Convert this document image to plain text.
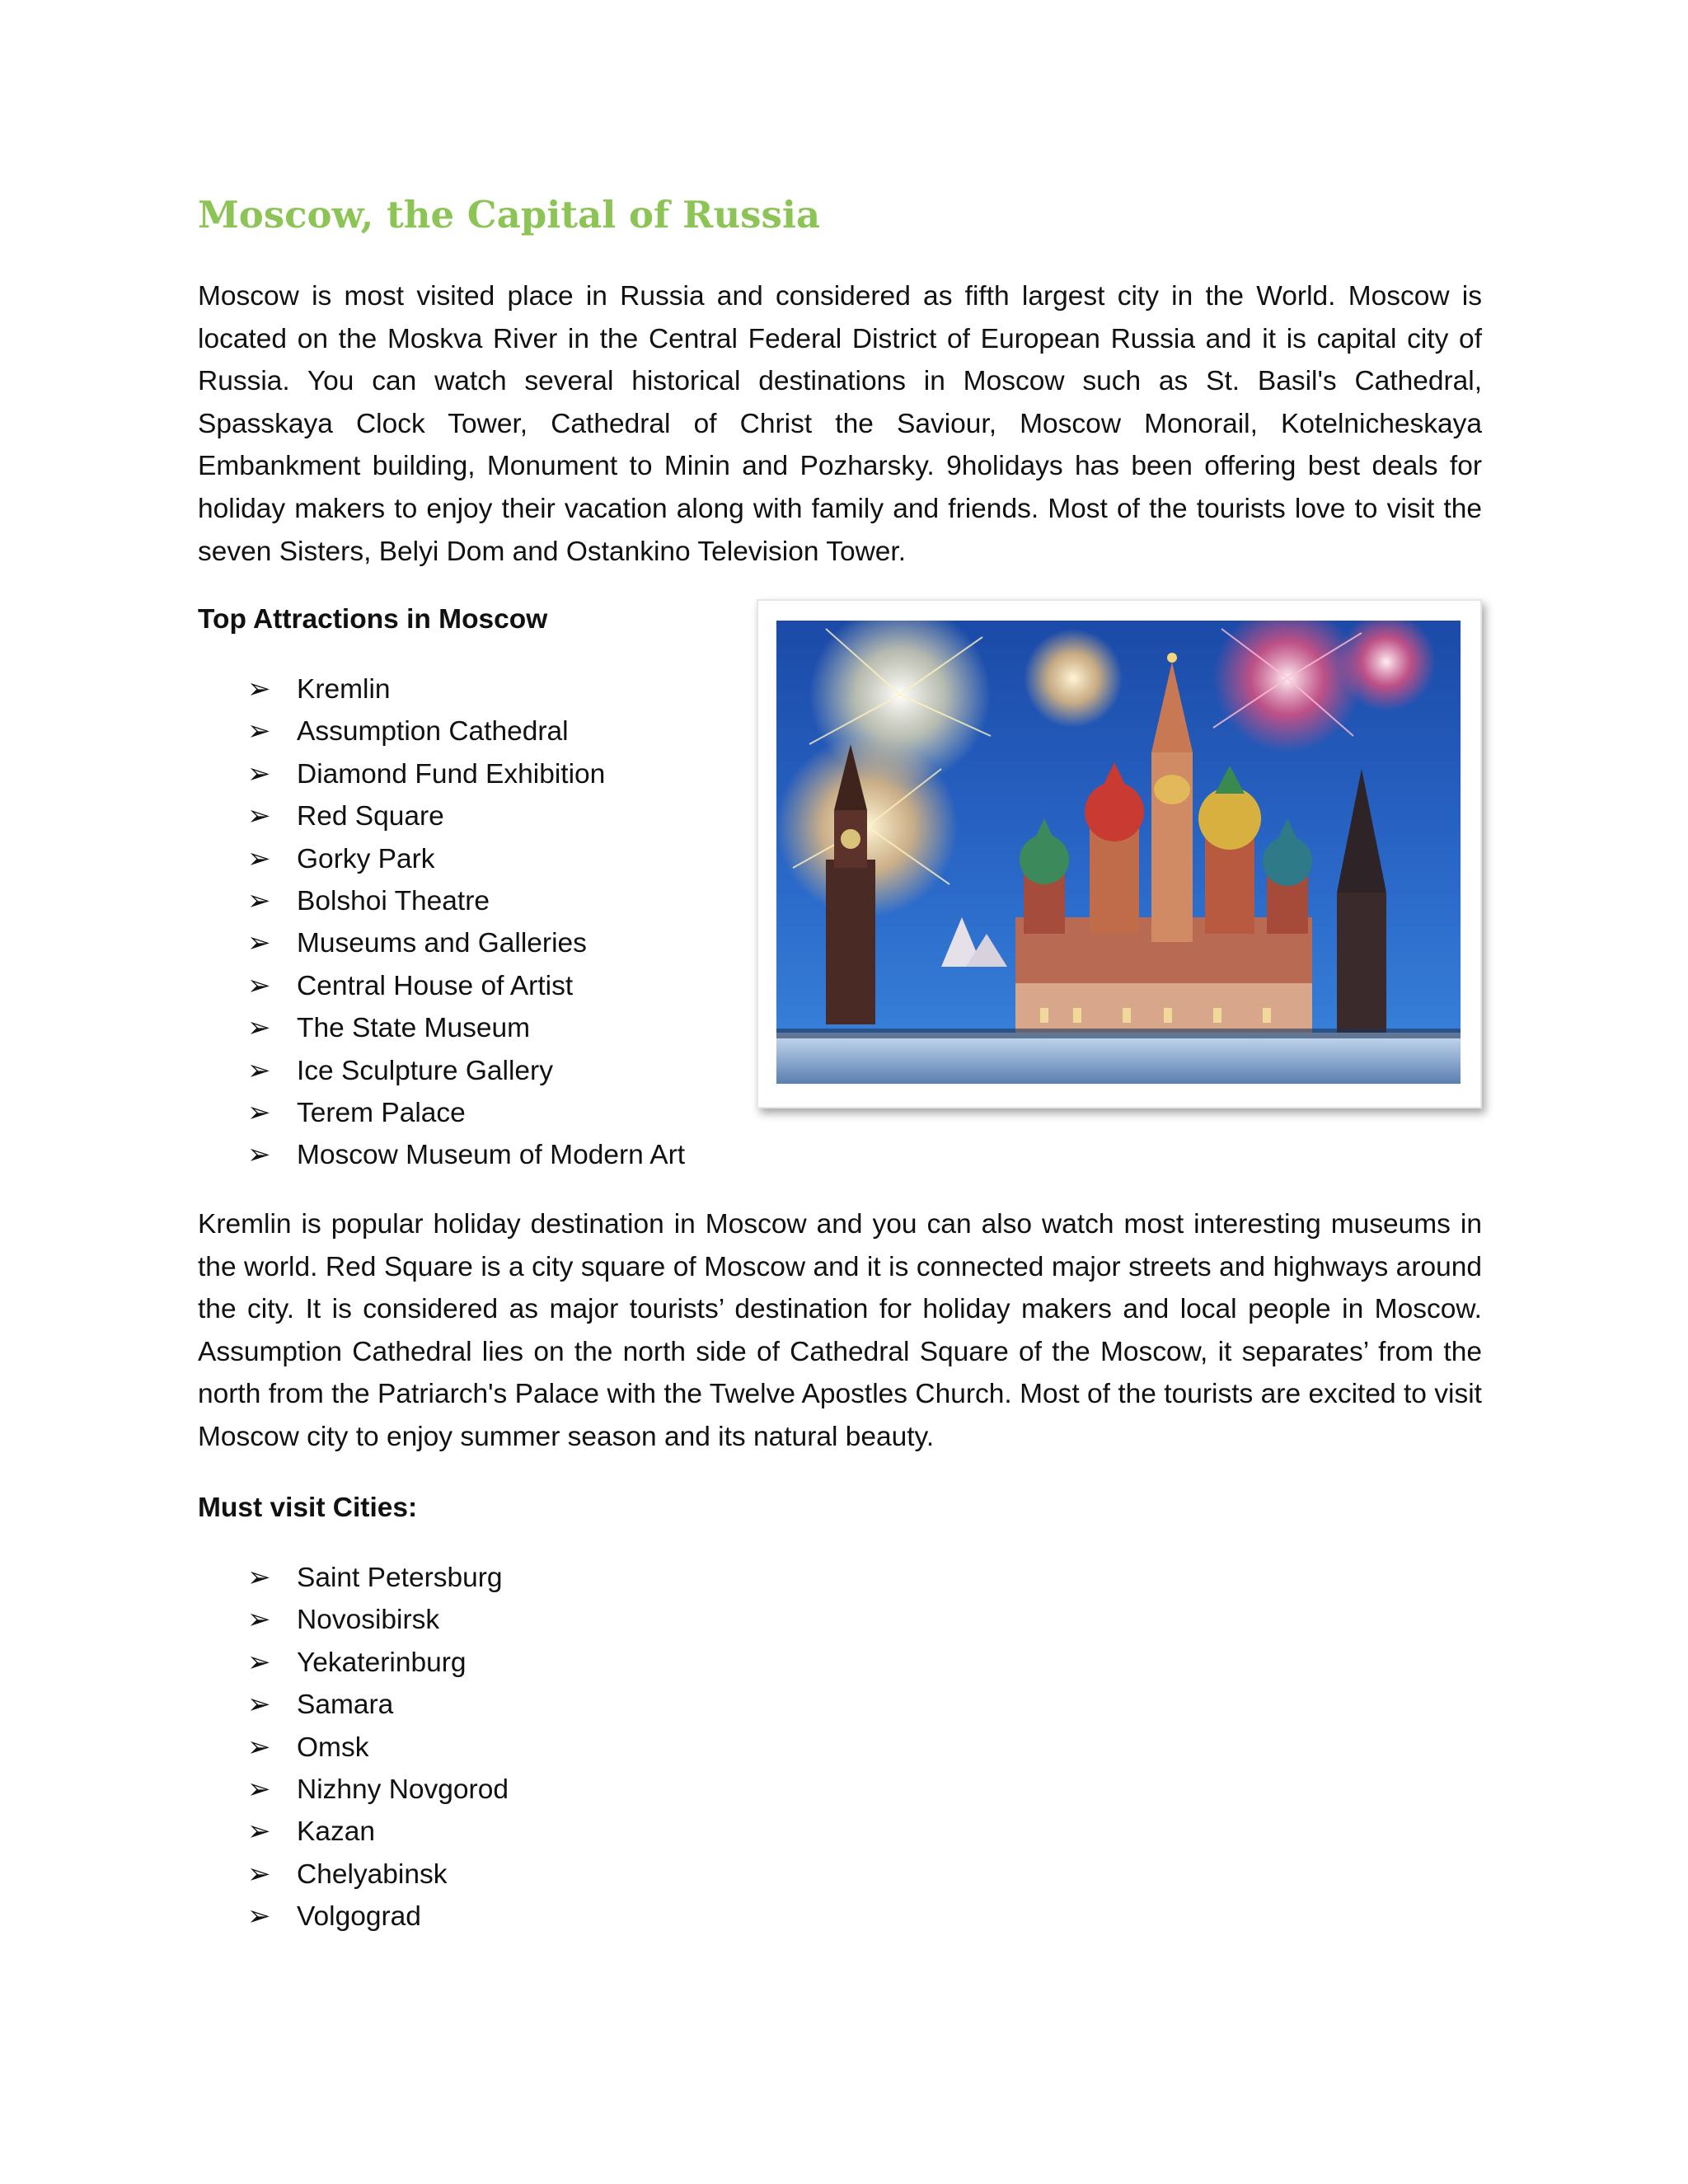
Moscow, the Capital of Russia

Moscow is most visited place in Russia and considered as fifth largest city in the World. Moscow is located on the Moskva River in the Central Federal District of European Russia and it is capital city of Russia. You can watch several historical destinations in Moscow such as St. Basil's Cathedral, Spasskaya Clock Tower, Cathedral of Christ the Saviour, Moscow Monorail, Kotelnicheskaya Embankment building, Monument to Minin and Pozharsky. 9holidays has been offering best deals for holiday makers to enjoy their vacation along with family and friends. Most of the tourists love to visit the seven Sisters, Belyi Dom and Ostankino Television Tower.

Top Attractions in Moscow

➢ Kremlin
➢ Assumption Cathedral
➢ Diamond Fund Exhibition
➢ Red Square
➢ Gorky Park
➢ Bolshoi Theatre
➢ Museums and Galleries
➢ Central House of Artist
➢ The State Museum
➢ Ice Sculpture Gallery
➢ Terem Palace
➢ Moscow Museum of Modern Art

Kremlin is popular holiday destination in Moscow and you can also watch most interesting museums in the world. Red Square is a city square of Moscow and it is connected major streets and highways around the city. It is considered as major tourists’ destination for holiday makers and local people in Moscow. Assumption Cathedral lies on the north side of Cathedral Square of the Moscow, it separates’ from the north from the Patriarch's Palace with the Twelve Apostles Church. Most of the tourists are excited to visit Moscow city to enjoy summer season and its natural beauty.

Must visit Cities:

➢ Saint Petersburg
➢ Novosibirsk
➢ Yekaterinburg
➢ Samara
➢ Omsk
➢ Nizhny Novgorod
➢ Kazan
➢ Chelyabinsk
➢ Volgograd
